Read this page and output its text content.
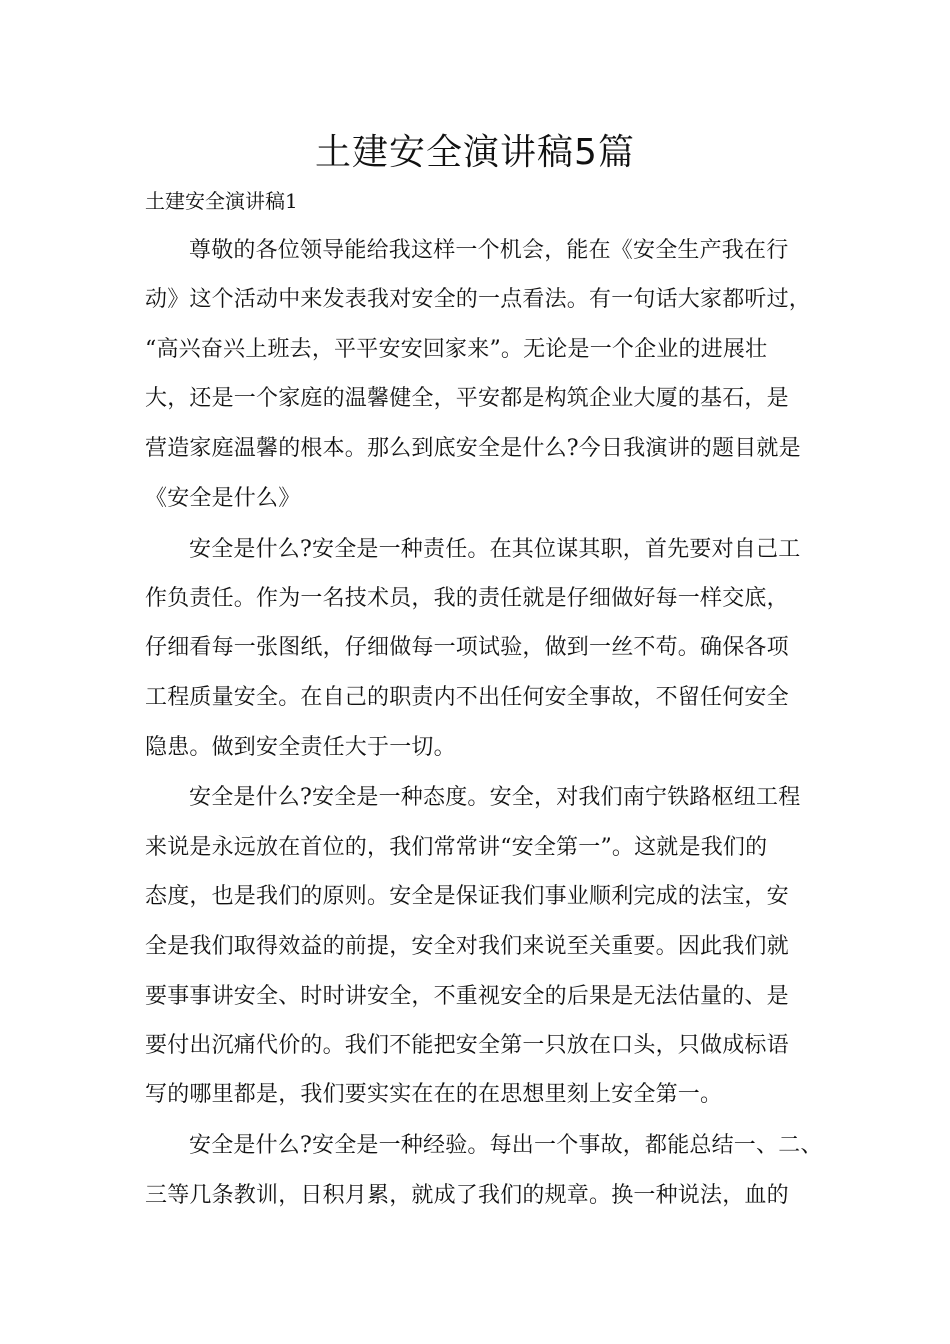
土建安全演讲稿5篇
土建安全演讲稿1
尊敬的各位领导能给我这样一个机会，能在《安全生产我在行
动》这个活动中来发表我对安全的一点看法。有一句话大家都听过，
“高兴奋兴上班去，平平安安回家来”。无论是一个企业的进展壮
大，还是一个家庭的温馨健全，平安都是构筑企业大厦的基石，是
营造家庭温馨的根本。那么到底安全是什么?今日我演讲的题目就是
《安全是什么》
安全是什么?安全是一种责任。在其位谋其职，首先要对自己工
作负责任。作为一名技术员，我的责任就是仔细做好每一样交底，
仔细看每一张图纸，仔细做每一项试验，做到一丝不苟。确保各项
工程质量安全。在自己的职责内不出任何安全事故，不留任何安全
隐患。做到安全责任大于一切。
安全是什么?安全是一种态度。安全，对我们南宁铁路枢纽工程
来说是永远放在首位的，我们常常讲“安全第一”。这就是我们的
态度，也是我们的原则。安全是保证我们事业顺利完成的法宝，安
全是我们取得效益的前提，安全对我们来说至关重要。因此我们就
要事事讲安全、时时讲安全，不重视安全的后果是无法估量的、是
要付出沉痛代价的。我们不能把安全第一只放在口头，只做成标语
写的哪里都是，我们要实实在在的在思想里刻上安全第一。
安全是什么?安全是一种经验。每出一个事故，都能总结一、二、
三等几条教训，日积月累，就成了我们的规章。换一种说法，血的
